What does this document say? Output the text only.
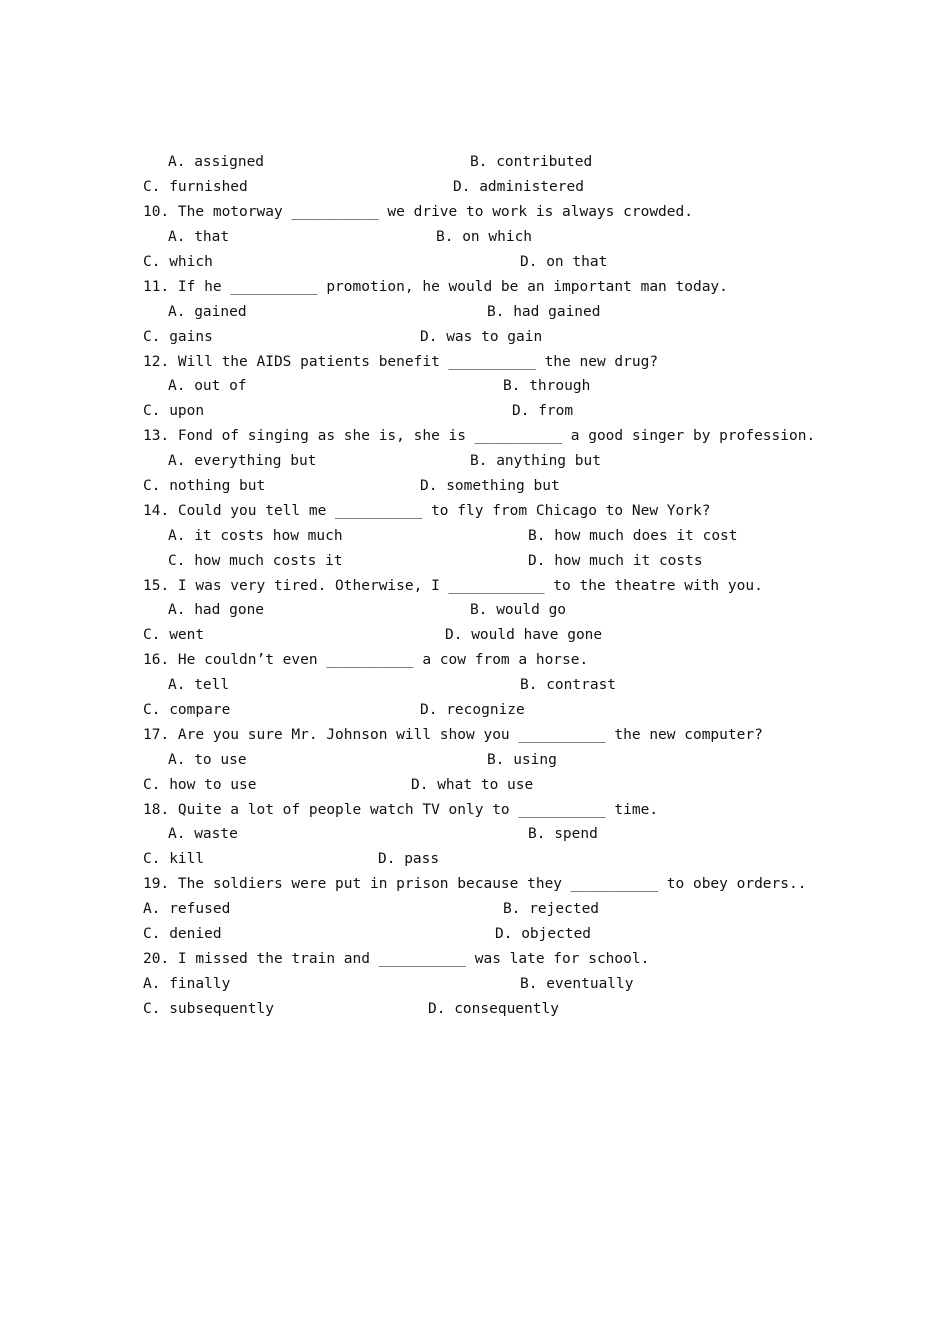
A. assigned	B. contributed
C. furnished	D. administered
10. The motorway __________ we drive to work is always crowded.
A. that	B. on which
C. which	D. on that
11. If he __________ promotion, he would be an important man today.
A. gained	B. had gained
C. gains	D. was to gain
12. Will the AIDS patients benefit __________ the new drug?
A. out of	B. through
C. upon	D. from
13. Fond of singing as she is, she is __________ a good singer by profession.
A. everything but	B. anything but
C. nothing but	D. something but
14. Could you tell me __________ to fly from Chicago to New York?
A. it costs how much	B. how much does it cost
C. how much costs it	D. how much it costs
15. I was very tired. Otherwise, I ___________ to the theatre with you.
A. had gone	B. would go
C. went	D. would have gone
16. He couldn’t even __________ a cow from a horse.
A. tell	B. contrast
C. compare	D. recognize
17. Are you sure Mr. Johnson will show you __________ the new computer?
A. to use	B. using
C. how to use	D. what to use
18. Quite a lot of people watch TV only to __________ time.
A. waste	B. spend
C. kill	D. pass
19. The soldiers were put in prison because they __________ to obey orders..
A. refused	B. rejected
C. denied	D. objected
20. I missed the train and __________ was late for school.
A. finally	B. eventually
C. subsequently	D. consequently
